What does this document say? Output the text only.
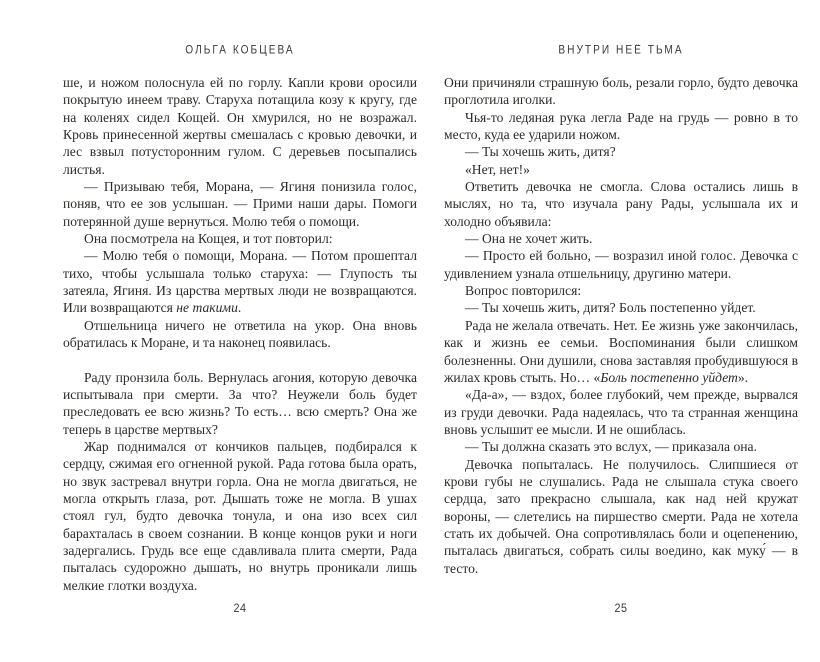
ОЛЬГА КОБЦЕВА

ше, и ножом полоснула ей по горлу. Капли крови оросили покрытую инеем траву. Старуха потащила козу к кругу, где на коленях сидел Кощей. Он хмурился, но не возражал. Кровь принесенной жертвы смешалась с кровью девочки, и лес взвыл потусторонним гулом. С деревьев посыпались листья.

— Призываю тебя, Морана, — Ягиня понизила голос, поняв, что ее зов услышан. — Прими наши дары. Помоги потерянной душе вернуться. Молю тебя о помощи.

Она посмотрела на Кощея, и тот повторил:

— Молю тебя о помощи, Морана. — Потом прошептал тихо, чтобы услышала только старуха: — Глупость ты затеяла, Ягиня. Из царства мертвых люди не возвращаются. Или возвращаются не такими.

Отшельница ничего не ответила на укор. Она вновь обратилась к Моране, и та наконец появилась.

Раду пронзила боль. Вернулась агония, которую девочка испытывала при смерти. За что? Неужели боль будет преследовать ее всю жизнь? То есть… всю смерть? Она же теперь в царстве мертвых?

Жар поднимался от кончиков пальцев, подбирался к сердцу, сжимая его огненной рукой. Рада готова была орать, но звук застревал внутри горла. Она не могла двигаться, не могла открыть глаза, рот. Дышать тоже не могла. В ушах стоял гул, будто девочка тонула, и она изо всех сил барахталась в своем сознании. В конце концов руки и ноги задергались. Грудь все еще сдавливала плита смерти, Рада пыталась судорожно дышать, но внутрь проникали лишь мелкие глотки воздуха.

24
ВНУТРИ НЕЁ ТЬМА

Они причиняли страшную боль, резали горло, будто девочка проглотила иголки.

Чья-то ледяная рука легла Раде на грудь — ровно в то место, куда ее ударили ножом.

— Ты хочешь жить, дитя?

«Нет, нет!»

Ответить девочка не смогла. Слова остались лишь в мыслях, но та, что изучала рану Рады, услышала их и холодно объявила:

— Она не хочет жить.

— Просто ей больно, — возразил иной голос. Девочка с удивлением узнала отшельницу, другиню матери.

Вопрос повторился:

— Ты хочешь жить, дитя? Боль постепенно уйдет.

Рада не желала отвечать. Нет. Ее жизнь уже закончилась, как и жизнь ее семьи. Воспоминания были слишком болезненны. Они душили, снова заставляя пробудившуюся в жилах кровь стыть. Но… «Боль постепенно уйдет».

«Да-а», — вздох, более глубокий, чем прежде, вырвался из груди девочки. Рада надеялась, что та странная женщина вновь услышит ее мысли. И не ошиблась.

— Ты должна сказать это вслух, — приказала она.

Девочка попыталась. Не получилось. Слипшиеся от крови губы не слушались. Рада не слышала стука своего сердца, зато прекрасно слышала, как над ней кружат вороны, — слетелись на пиршество смерти. Рада не хотела стать их добычей. Она сопротивлялась боли и оцепенению, пыталась двигаться, собрать силы воедино, как муку́ — в тесто.

25
